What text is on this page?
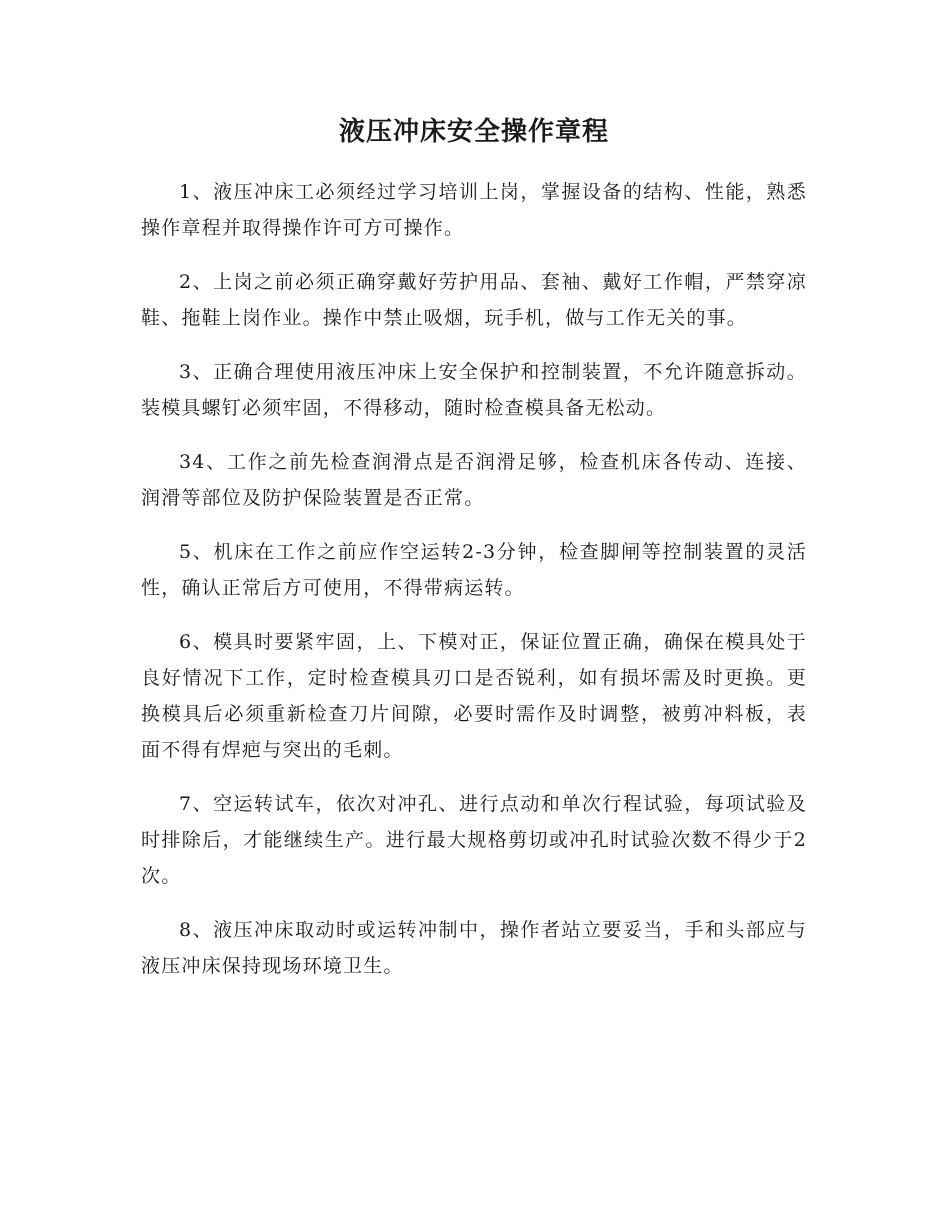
液压冲床安全操作章程

1、液压冲床工必须经过学习培训上岗，掌握设备的结构、性能，熟悉操作章程并取得操作许可方可操作。

2、上岗之前必须正确穿戴好劳护用品、套袖、戴好工作帽，严禁穿凉鞋、拖鞋上岗作业。操作中禁止吸烟，玩手机，做与工作无关的事。

3、正确合理使用液压冲床上安全保护和控制装置，不允许随意拆动。装模具螺钉必须牢固，不得移动，随时检查模具备无松动。

34、工作之前先检查润滑点是否润滑足够，检查机床各传动、连接、润滑等部位及防护保险装置是否正常。

5、机床在工作之前应作空运转2-3分钟，检查脚闸等控制装置的灵活性，确认正常后方可使用，不得带病运转。

6、模具时要紧牢固，上、下模对正，保证位置正确，确保在模具处于良好情况下工作，定时检查模具刃口是否锐利，如有损坏需及时更换。更换模具后必须重新检查刀片间隙，必要时需作及时调整，被剪冲料板，表面不得有焊疤与突出的毛刺。

7、空运转试车，依次对冲孔、进行点动和单次行程试验，每项试验及时排除后，才能继续生产。进行最大规格剪切或冲孔时试验次数不得少于2次。

8、液压冲床取动时或运转冲制中，操作者站立要妥当，手和头部应与液压冲床保持现场环境卫生。
